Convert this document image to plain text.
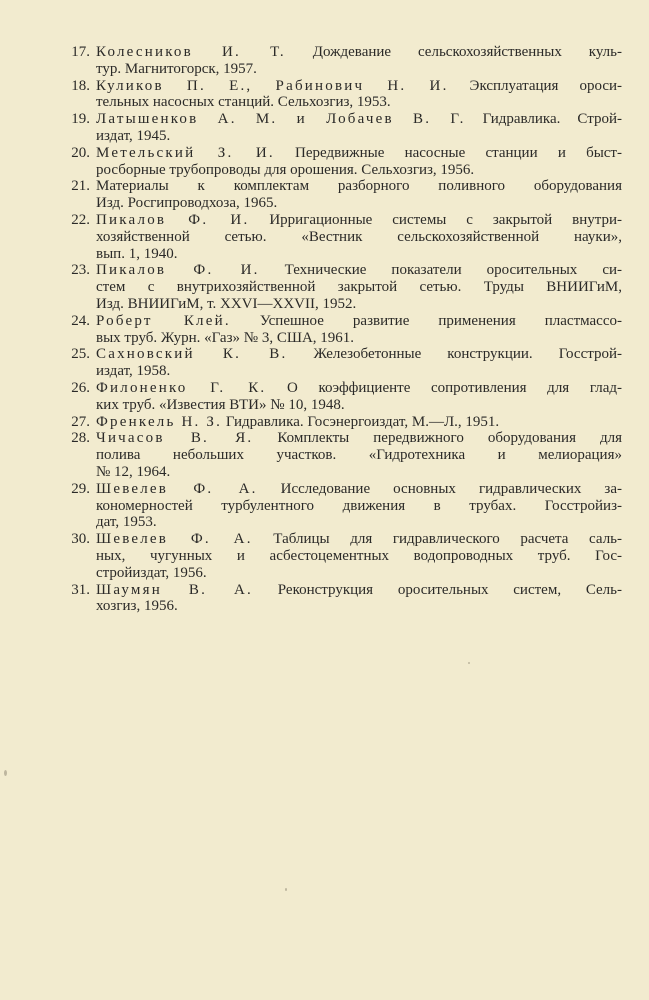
17. Колесников И. Т. Дождевание сельскохозяйственных куль-
тур. Магнитогорск, 1957.
18. Куликов П. Е., Рабинович Н. И. Эксплуатация ороси-
тельных насосных станций. Сельхозгиз, 1953.
19. Латышенков А. М. и Лобачев В. Г. Гидравлика. Строй-
издат, 1945.
20. Метельский З. И. Передвижные насосные станции и быст-
росборные трубопроводы для орошения. Сельхозгиз, 1956.
21. Материалы к комплектам разборного поливного оборудования
Изд. Росгипроводхоза, 1965.
22. Пикалов Ф. И. Ирригационные системы с закрытой внутри-
хозяйственной сетью. «Вестник сельскохозяйственной науки»,
вып. 1, 1940.
23. Пикалов Ф. И. Технические показатели оросительных си-
стем с внутрихозяйственной закрытой сетью. Труды ВНИИГиМ,
Изд. ВНИИГиМ, т. XXVI—XXVII, 1952.
24. Роберт Клей. Успешное развитие применения пластмассо-
вых труб. Журн. «Газ» № 3, США, 1961.
25. Сахновский К. В. Железобетонные конструкции. Госстрой-
издат, 1958.
26. Филоненко Г. К. О коэффициенте сопротивления для глад-
ких труб. «Известия ВТИ» № 10, 1948.
27. Френкель Н. З. Гидравлика. Госэнергоиздат, М.—Л., 1951.
28. Чичасов В. Я. Комплекты передвижного оборудования для
полива небольших участков. «Гидротехника и мелиорация»
№ 12, 1964.
29. Шевелев Ф. А. Исследование основных гидравлических за-
кономерностей турбулентного движения в трубах. Госстройиз-
дат, 1953.
30. Шевелев Ф. А. Таблицы для гидравлического расчета саль-
ных, чугунных и асбестоцементных водопроводных труб. Гос-
стройиздат, 1956.
31. Шаумян В. А. Реконструкция оросительных систем, Сель-
хозгиз, 1956.
